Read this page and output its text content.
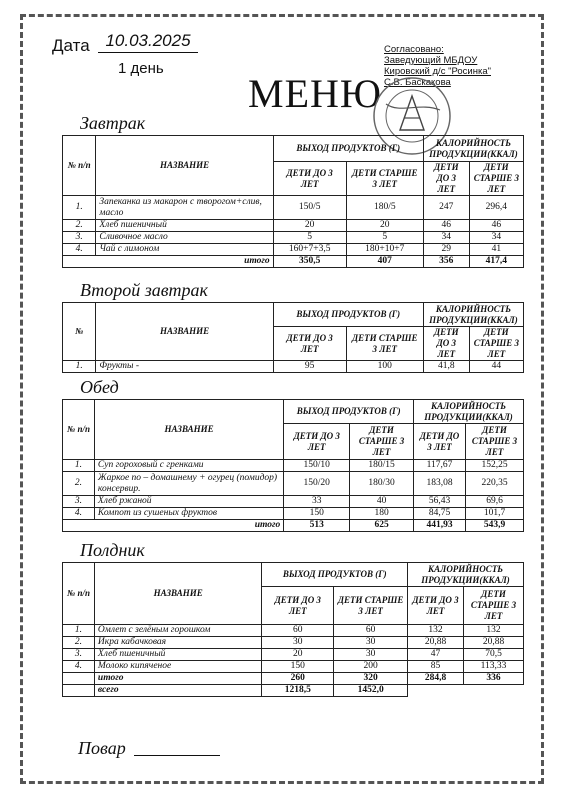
Дата 10.03.2025
1 день
МЕНЮ
Согласовано:
Заведующий МБДОУ
Кировский д/с "Росинка"
С.В. Баскакова
Завтрак
№ п/п	НАЗВАНИЕ	ВЫХОД ПРОДУКТОВ (Г)		КАЛОРИЙНОСТЬ ПРОДУКЦИИ(ККАЛ)	
		ДЕТИ ДО 3 ЛЕТ	ДЕТИ СТАРШЕ 3 ЛЕТ	ДЕТИ ДО 3 ЛЕТ	ДЕТИ СТАРШЕ 3 ЛЕТ
1.	Запеканка из макарон с творогом+слив, масло	150/5	180/5	247	296,4
2.	Хлеб пшеничный	20	20	46	46
3.	Сливочное масло	5	5	34	34
4.	Чай с лимоном	160+7+3,5	180+10+7	29	41
итого		350,5	407	356	417,4
Второй завтрак
№	НАЗВАНИЕ	ВЫХОД ПРОДУКТОВ (Г)		КАЛОРИЙНОСТЬ ПРОДУКЦИИ(ККАЛ)	
		ДЕТИ ДО 3 ЛЕТ	ДЕТИ СТАРШЕ 3 ЛЕТ	ДЕТИ ДО 3 ЛЕТ	ДЕТИ СТАРШЕ 3 ЛЕТ
1.	Фрукты -	95	100	41,8	44
Обед
№ п/п	НАЗВАНИЕ	ВЫХОД ПРОДУКТОВ (Г)		КАЛОРИЙНОСТЬ ПРОДУКЦИИ(ККАЛ)	
		ДЕТИ ДО 3 ЛЕТ	ДЕТИ СТАРШЕ 3 ЛЕТ	ДЕТИ ДО 3 ЛЕТ	ДЕТИ СТАРШЕ 3 ЛЕТ
1.	Суп гороховый с гренками	150/10	180/15	117,67	152,25
2.	Жаркое по – домашнему + огурец (помидор) консервир.	150/20	180/30	183,08	220,35
3.	Хлеб ржаной	33	40	56,43	69,6
4.	Компот из сушеных фруктов	150	180	84,75	101,7
итого		513	625	441,93	543,9
Полдник
№ п/п	НАЗВАНИЕ	ВЫХОД ПРОДУКТОВ (Г)		КАЛОРИЙНОСТЬ ПРОДУКЦИИ(ККАЛ)	
		ДЕТИ ДО 3 ЛЕТ	ДЕТИ СТАРШЕ 3 ЛЕТ	ДЕТИ ДО 3 ЛЕТ	ДЕТИ СТАРШЕ 3 ЛЕТ
1.	Омлет с зелёным горошком	60	60	132	132
2.	Икра кабачковая	30	30	20,88	20,88
3.	Хлеб пшеничный	20	30	47	70,5
4.	Молоко кипяченое	150	200	85	113,33
	итого	260	320	284,8	336
	всего	1218,5	1452,0		
Повар
